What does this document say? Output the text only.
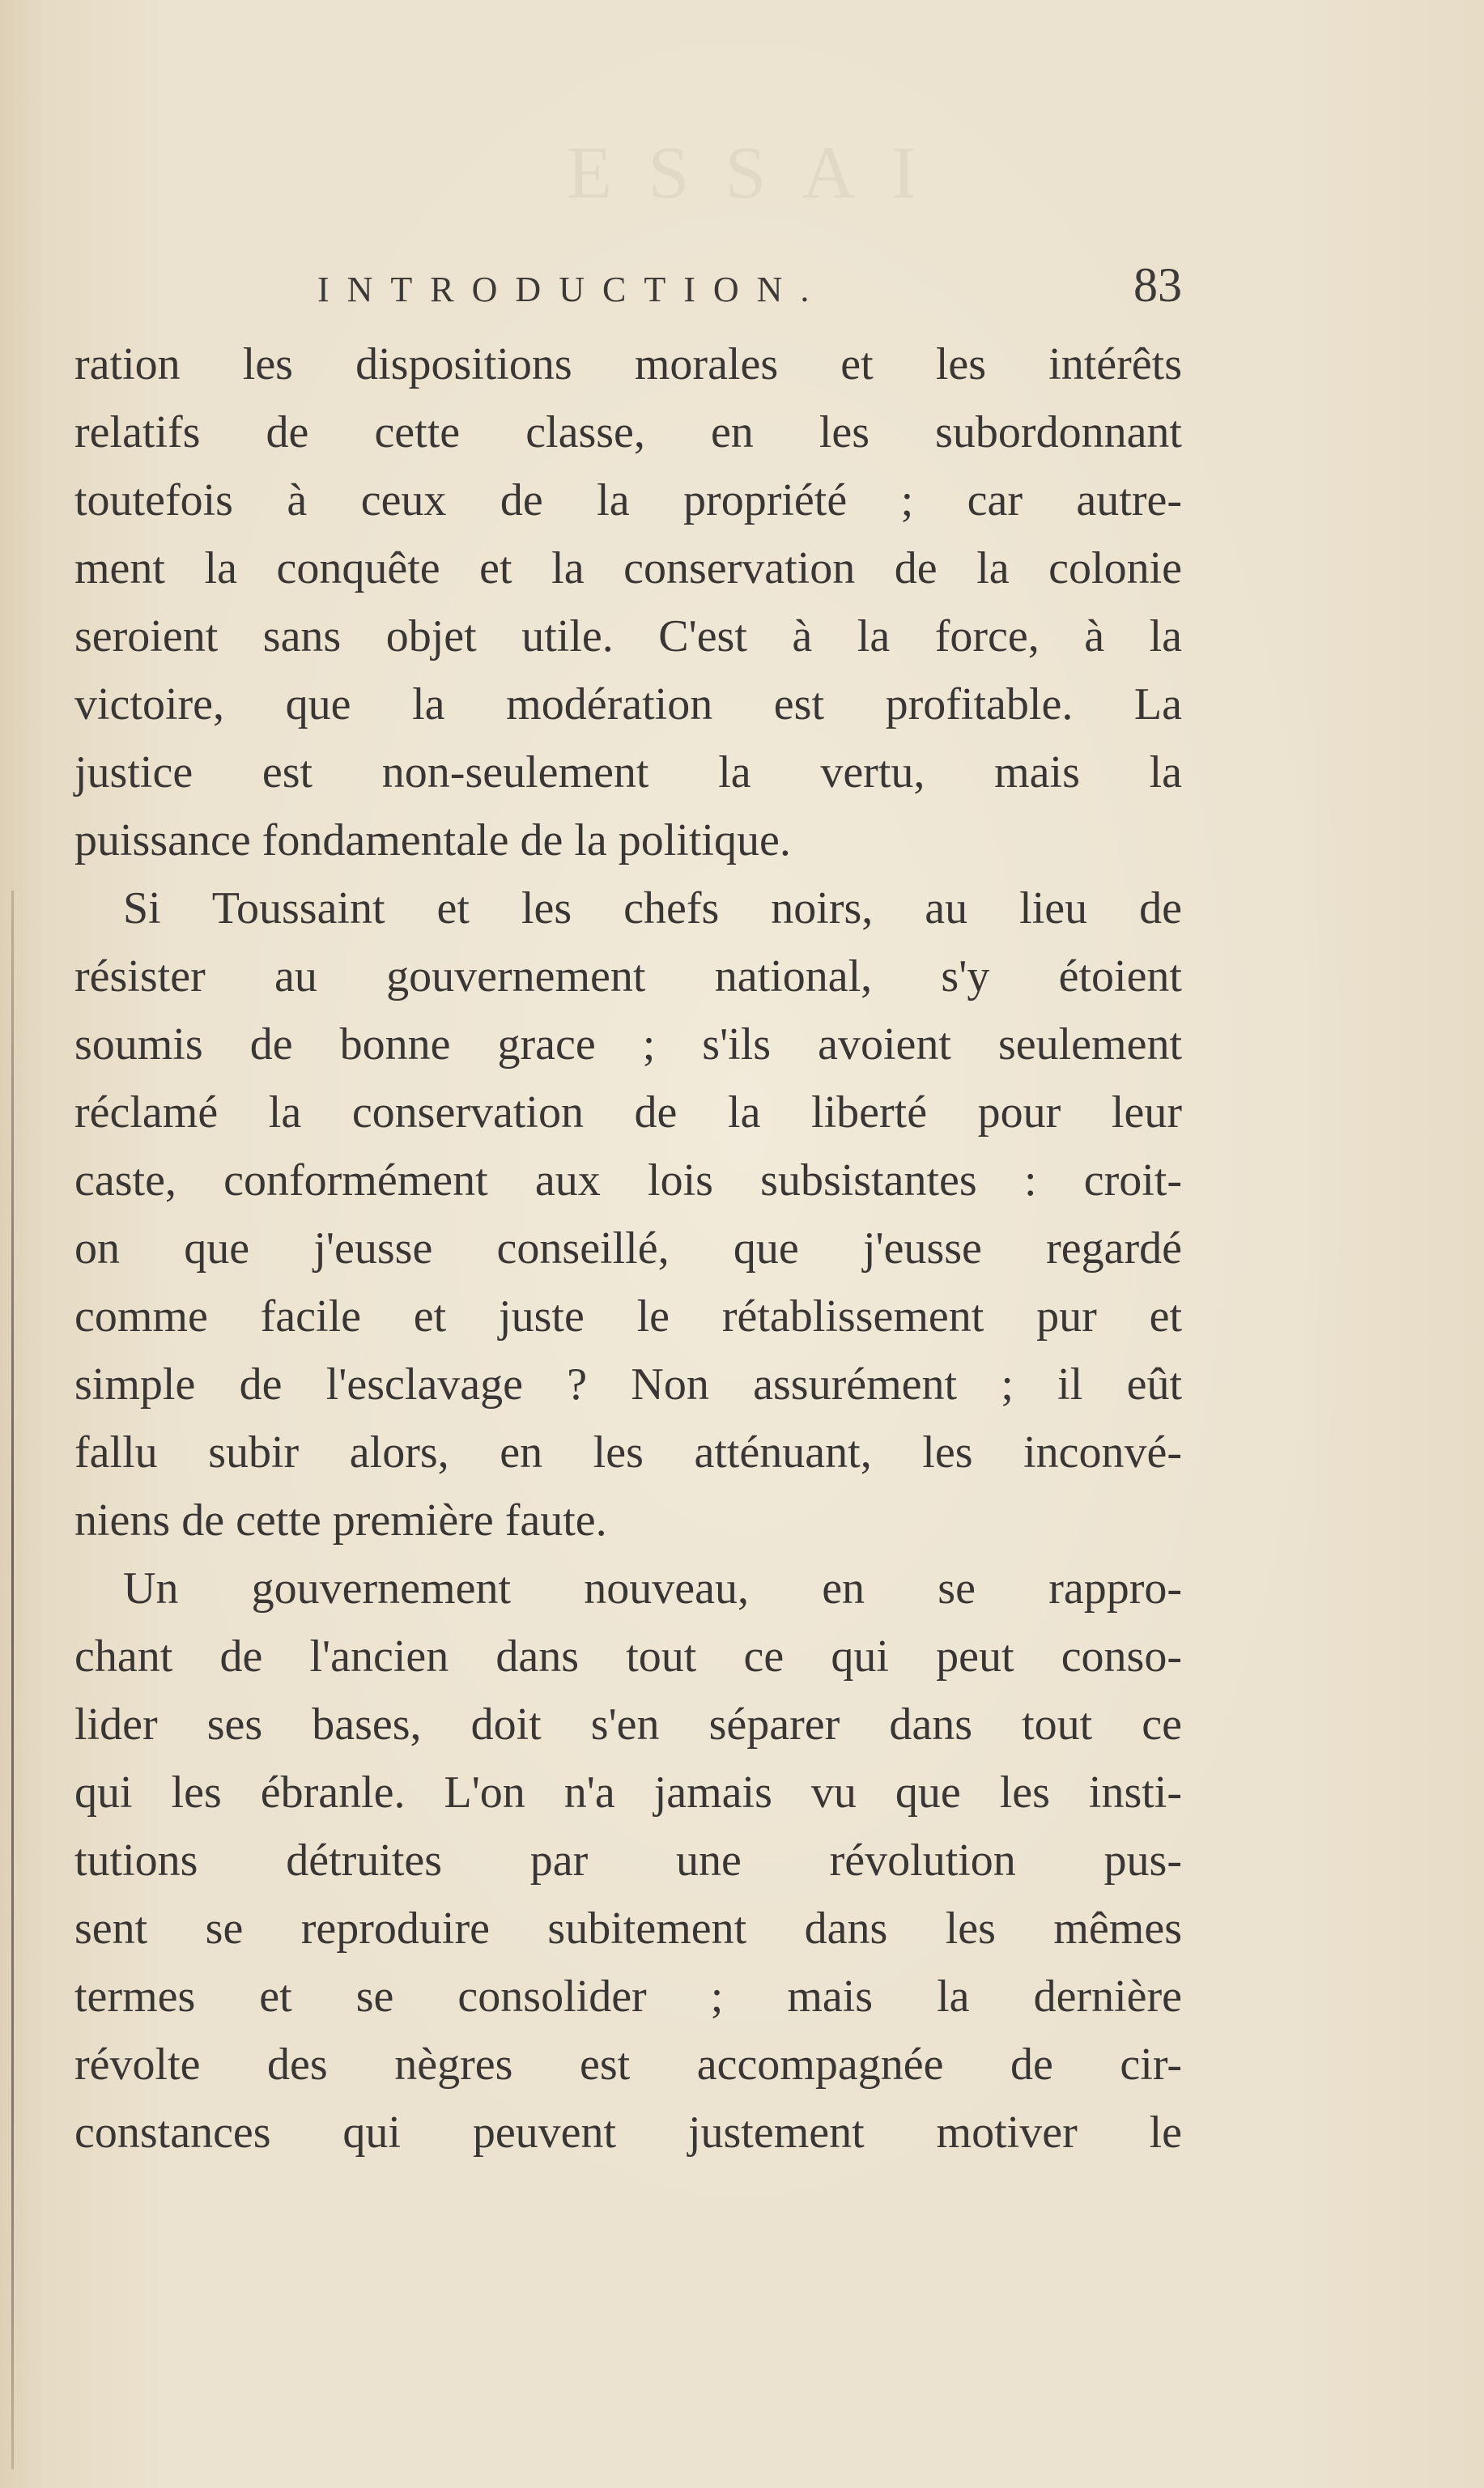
ESSAI
INTRODUCTION.	83
ration les dispositions morales et les intérêts
relatifs de cette classe, en les subordonnant
toutefois à ceux de la propriété ; car autre-
ment la conquête et la conservation de la colonie
seroient sans objet utile. C'est à la force, à la
victoire, que la modération est profitable. La
justice est non-seulement la vertu, mais la
puissance fondamentale de la politique.
Si Toussaint et les chefs noirs, au lieu de
résister au gouvernement national, s'y étoient
soumis de bonne grace ; s'ils avoient seulement
réclamé la conservation de la liberté pour leur
caste, conformément aux lois subsistantes : croit-
on que j'eusse conseillé, que j'eusse regardé
comme facile et juste le rétablissement pur et
simple de l'esclavage ? Non assurément ; il eût
fallu subir alors, en les atténuant, les inconvé-
niens de cette première faute.
Un gouvernement nouveau, en se rappro-
chant de l'ancien dans tout ce qui peut conso-
lider ses bases, doit s'en séparer dans tout ce
qui les ébranle. L'on n'a jamais vu que les insti-
tutions détruites par une révolution pus-
sent se reproduire subitement dans les mêmes
termes et se consolider ; mais la dernière
révolte des nègres est accompagnée de cir-
constances qui peuvent justement motiver le
